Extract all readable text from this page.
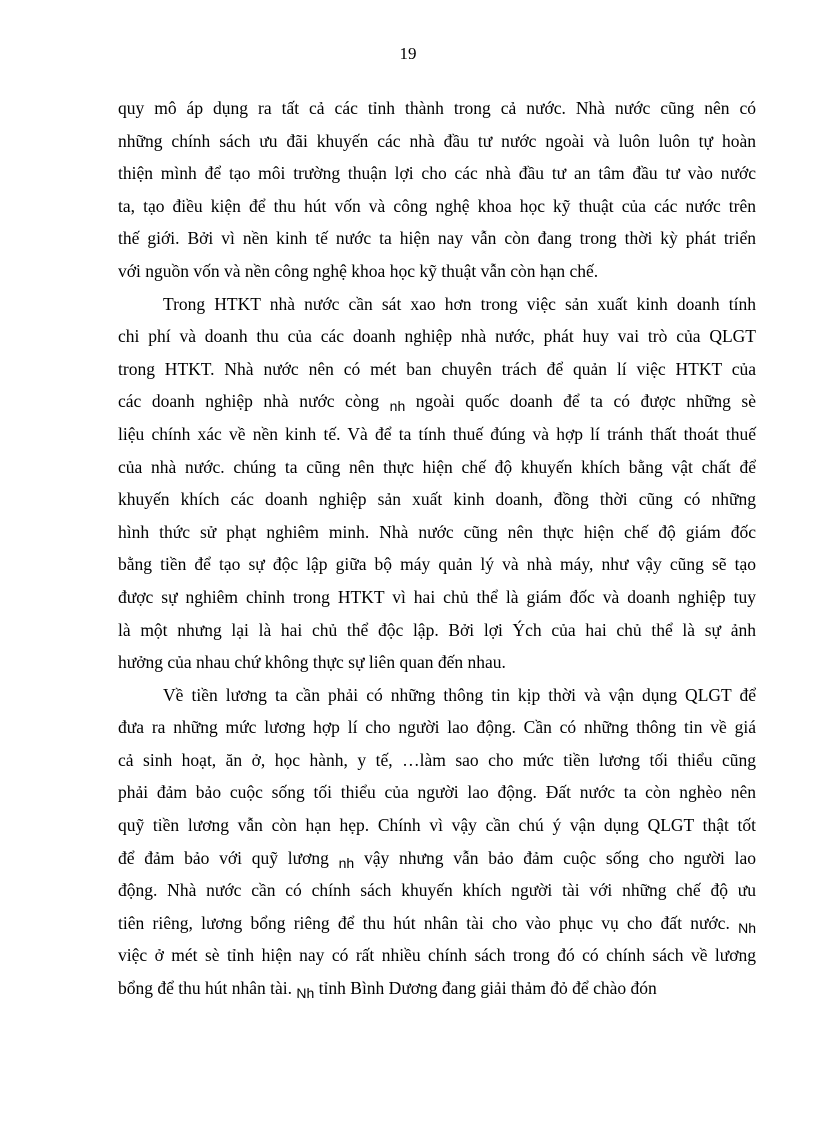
19
quy mô áp dụng ra tất cả các tỉnh thành trong cả nước. Nhà nước cũng nên có
những chính sách ưu đãi khuyến các nhà đầu tư nước ngoài và luôn luôn tự hoàn
thiện mình để tạo môi trường thuận lợi cho các nhà đầu tư an tâm đầu tư vào nước
ta, tạo điều kiện để thu hút vốn và công nghệ khoa học kỹ thuật của các nước trên
thế giới. Bởi vì nền kinh tế nước ta hiện nay vẫn còn đang trong thời kỳ phát triển
với nguồn vốn và nền công nghệ khoa học kỹ thuật vẫn còn hạn chế.
Trong HTKT nhà nước cần sát xao hơn trong việc sản xuất kinh doanh tính
chi phí và doanh thu của các doanh nghiệp nhà nước, phát huy vai trò của QLGT
trong HTKT. Nhà nước nên có mét ban chuyên trách để quản lí việc HTKT của
các doanh nghiệp nhà nước còng $_{nh}$ ngoài quốc doanh để ta có được những sè
liệu chính xác về nền kinh tế. Và để ta tính thuế đúng và hợp lí tránh thất thoát thuế
của nhà nước. chúng ta cũng nên thực hiện chế độ khuyến khích bằng vật chất để
khuyến khích các doanh nghiệp sản xuất kinh doanh, đồng thời cũng có những
hình thức sử phạt nghiêm minh. Nhà nước cũng nên thực hiện chế độ giám đốc
bằng tiền để tạo sự độc lập giữa bộ máy quản lý và nhà máy, như vậy cũng sẽ tạo
được sự nghiêm chỉnh trong HTKT vì hai chủ thể là giám đốc và doanh nghiệp tuy
là một nhưng lại là hai chủ thể độc lập. Bởi lợi Ých của hai chủ thể là sự ảnh
hưởng của nhau chứ không thực sự liên quan đến nhau.
Về tiền lương ta cần phải có những thông tin kịp thời và vận dụng QLGT để
đưa ra những mức lương hợp lí cho người lao động. Cần có những thông tin về giá
cả sinh hoạt, ăn ở, học hành, y tế, …làm sao cho mức tiền lương tối thiểu cũng
phải đảm bảo cuộc sống tối thiểu của người lao động. Đất nước ta còn nghèo nên
quỹ tiền lương vẫn còn hạn hẹp. Chính vì vậy cần chú ý vận dụng QLGT thật tốt
để đảm bảo với quỹ lương $_{nh}$ vậy nhưng vẫn bảo đảm cuộc sống cho người lao
động. Nhà nước cần có chính sách khuyến khích người tài với những chế độ ưu
tiên riêng, lương bổng riêng để thu hút nhân tài cho vào phục vụ cho đất nước. $_{Nh}$
việc ở mét sè tỉnh hiện nay có rất nhiều chính sách trong đó có chính sách về lương
bổng để thu hút nhân tài. $_{Nh}$ tỉnh Bình Dương đang giải thảm đỏ để chào đón
